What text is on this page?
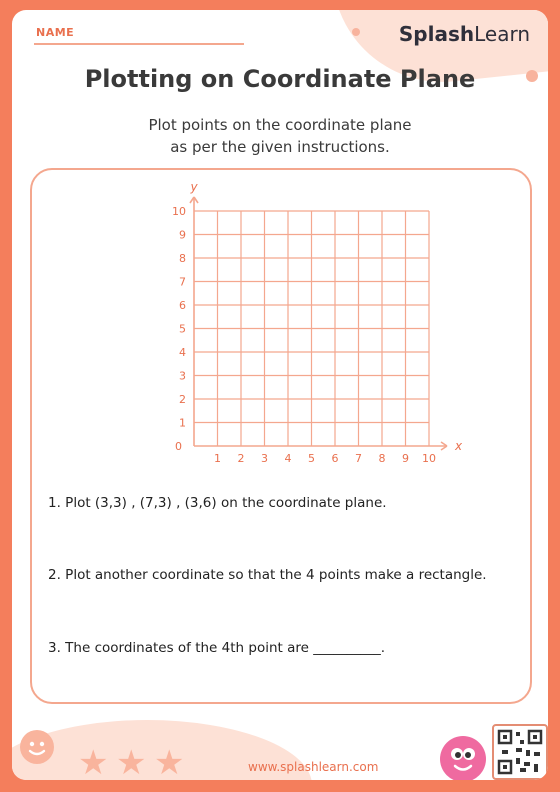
NAME	SplashLearn
Plotting on Coordinate Plane
Plot points on the coordinate plane
as per the given instructions.
1 2 3 4 5 6 7 8 9 10
1
2
3
4
5
6
7
8
9
10
0	x
y
1. Plot (3,3) , (7,3) , (3,6) on the coordinate plane.
2. Plot another coordinate so that the 4 points make a rectangle.
3. The coordinates of the 4th point are __________.
★ ★ ★	www.splashlearn.com
